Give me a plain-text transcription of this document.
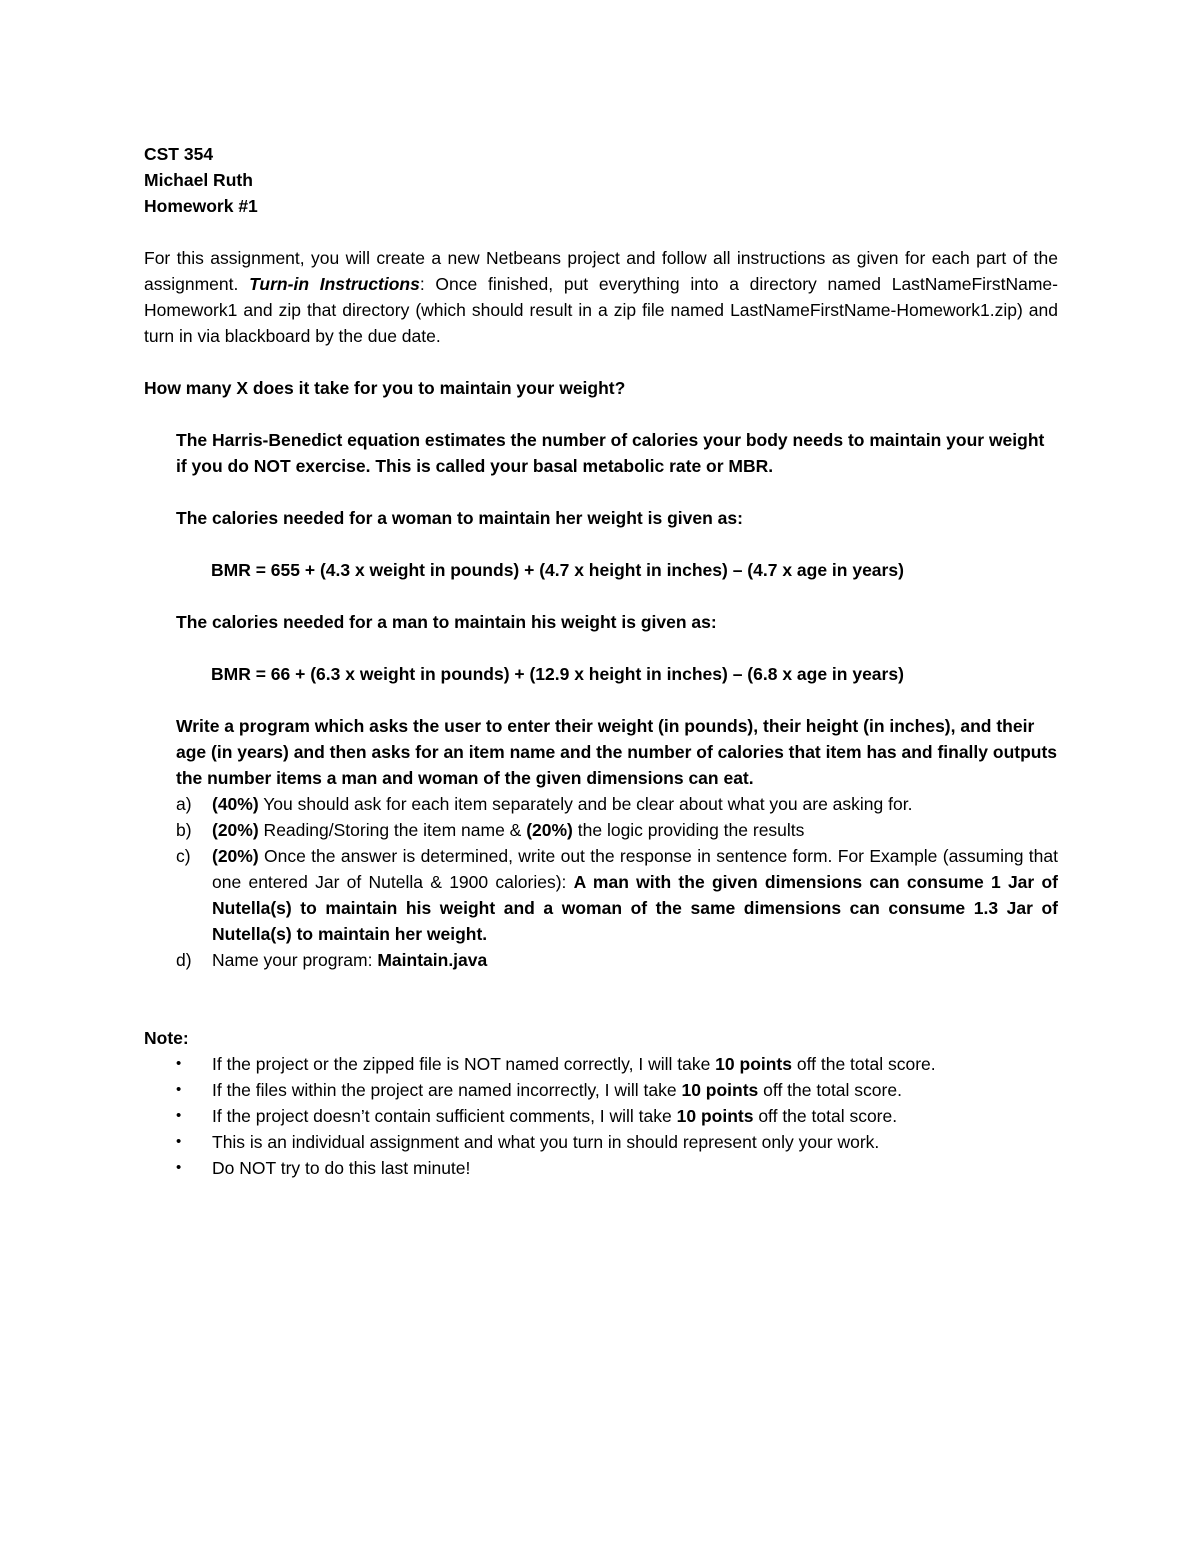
CST 354

Michael Ruth

Homework #1

For this assignment, you will create a new Netbeans project and follow all instructions as given for each part of the assignment. Turn-in Instructions: Once finished, put everything into a directory named LastNameFirstName-Homework1 and zip that directory (which should result in a zip file named LastNameFirstName-Homework1.zip) and turn in via blackboard by the due date.

How many X does it take for you to maintain your weight?

The Harris-Benedict equation estimates the number of calories your body needs to maintain your weight if you do NOT exercise. This is called your basal metabolic rate or MBR.

The calories needed for a woman to maintain her weight is given as:

BMR = 655 + (4.3 x weight in pounds) + (4.7 x height in inches) – (4.7 x age in years)

The calories needed for a man to maintain his weight is given as:

BMR = 66 + (6.3 x weight in pounds) + (12.9 x height in inches) – (6.8 x age in years)

Write a program which asks the user to enter their weight (in pounds), their height (in inches), and their age (in years) and then asks for an item name and the number of calories that item has and finally outputs the number items a man and woman of the given dimensions can eat.

a) (40%) You should ask for each item separately and be clear about what you are asking for.
b) (20%) Reading/Storing the item name & (20%) the logic providing the results
c) (20%) Once the answer is determined, write out the response in sentence form. For Example (assuming that one entered Jar of Nutella & 1900 calories): A man with the given dimensions can consume 1 Jar of Nutella(s) to maintain his weight and a woman of the same dimensions can consume 1.3 Jar of Nutella(s) to maintain her weight.
d) Name your program: Maintain.java

Note:

• If the project or the zipped file is NOT named correctly, I will take 10 points off the total score.
• If the files within the project are named incorrectly, I will take 10 points off the total score.
• If the project doesn’t contain sufficient comments, I will take 10 points off the total score.
• This is an individual assignment and what you turn in should represent only your work.
• Do NOT try to do this last minute!
